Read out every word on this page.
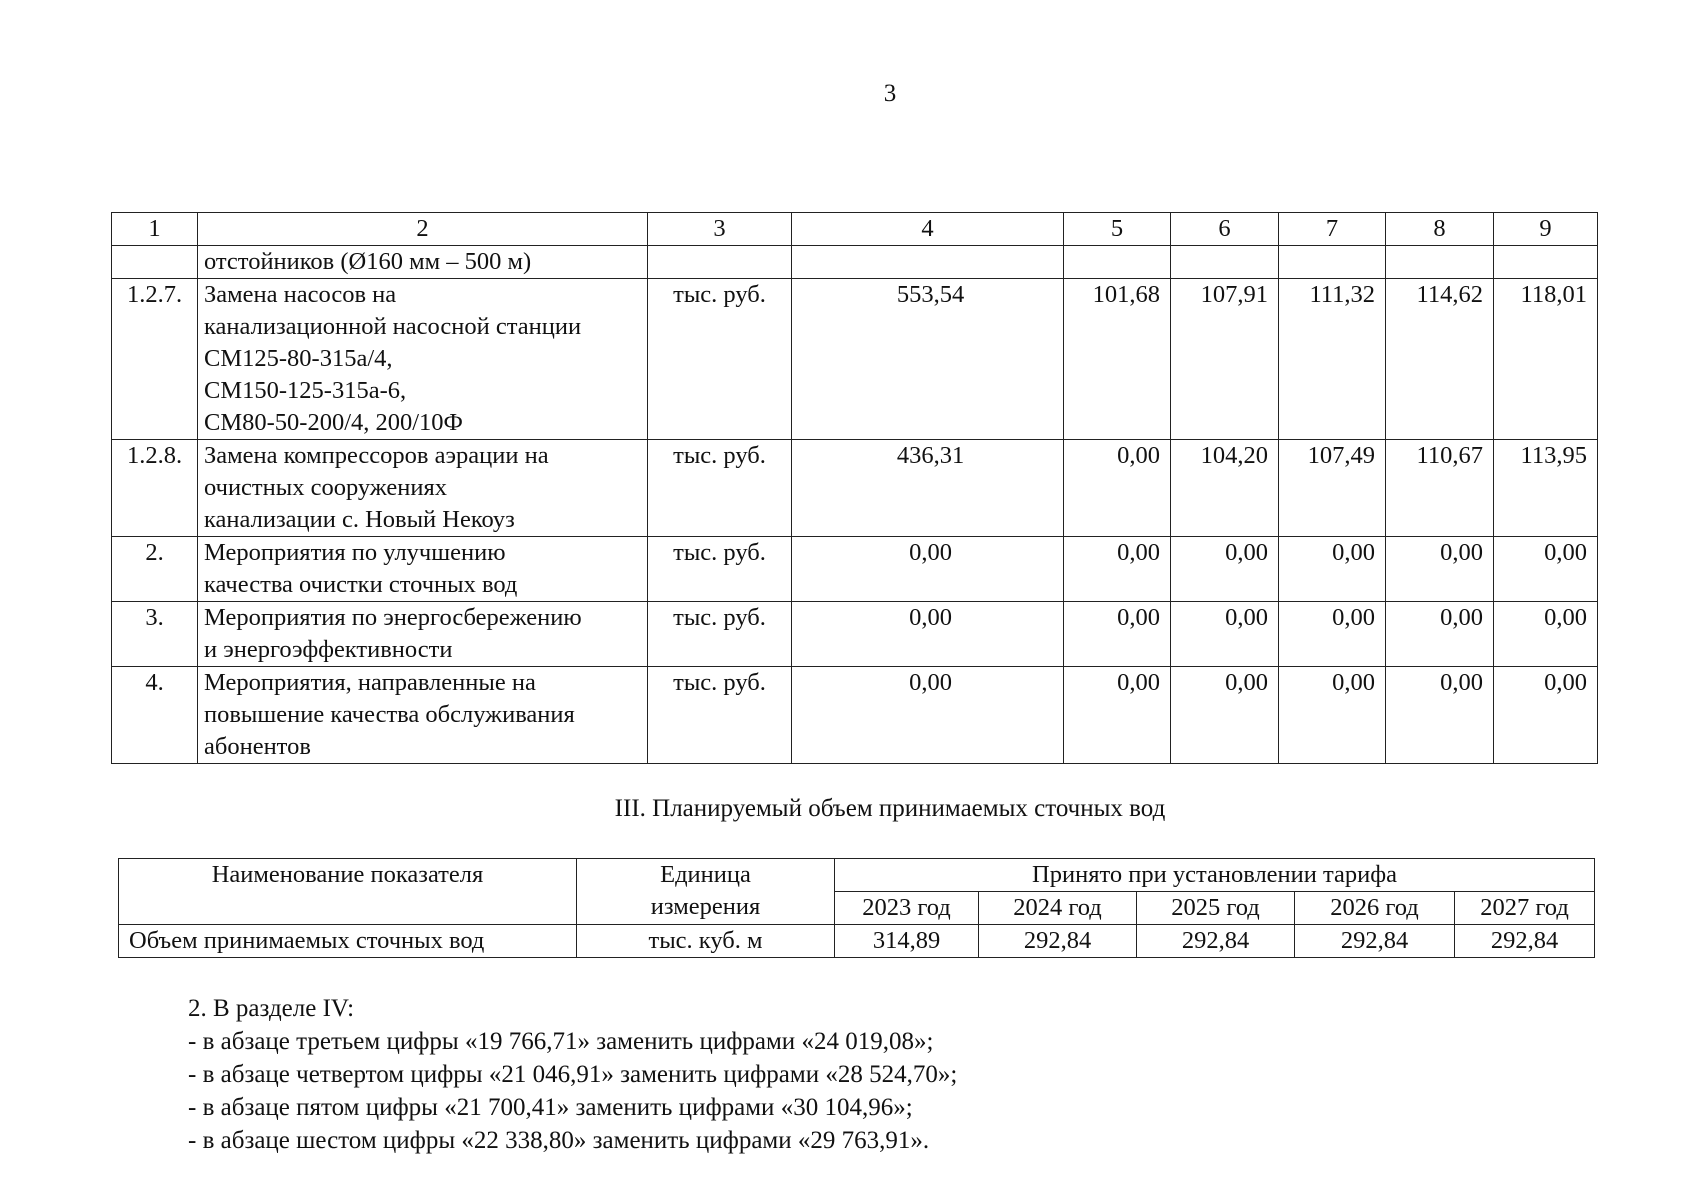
3
1	2	3	4	5	6	7	8	9

	отстойников (Ø160 мм – 500 м)							

1.2.7.	Замена насосов на
канализационной насосной станции
СМ125-80-315а/4,
СМ150-125-315а-6,
СМ80-50-200/4, 200/10Ф	тыс. руб.	553,54	101,68	107,91	111,32	114,62	118,01
1.2.8.	Замена компрессоров аэрации на
очистных сооружениях
канализации с. Новый Некоуз	тыс. руб.	436,31	0,00	104,20	107,49	110,67	113,95
2.	Мероприятия по улучшению
качества очистки сточных вод	тыс. руб.	0,00	0,00	0,00	0,00	0,00	0,00
3.	Мероприятия по энергосбережению
и энергоэффективности	тыс. руб.	0,00	0,00	0,00	0,00	0,00	0,00
4.	Мероприятия, направленные на
повышение качества обслуживания
абонентов	тыс. руб.	0,00	0,00	0,00	0,00	0,00	0,00
III. Планируемый объем принимаемых сточных вод
Наименование показателя	Единица
измерения	Принято при установлении тарифа				
		2023 год	2024 год	2025 год	2026 год	2027 год
Объем принимаемых сточных вод	тыс. куб. м	314,89	292,84	292,84	292,84	292,84
2. В разделе IV:
- в абзаце третьем цифры «19 766,71» заменить цифрами «24 019,08»;
- в абзаце четвертом цифры «21 046,91» заменить цифрами «28 524,70»;
- в абзаце пятом цифры «21 700,41» заменить цифрами «30 104,96»;
- в абзаце шестом цифры «22 338,80» заменить цифрами «29 763,91».
